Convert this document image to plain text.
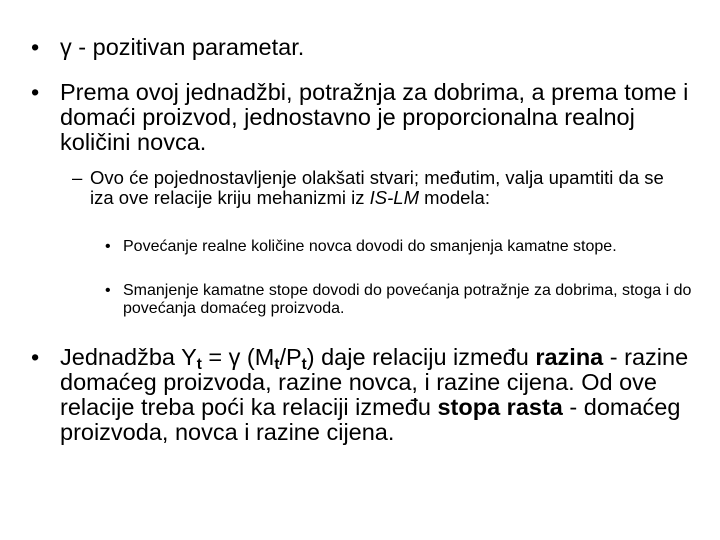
• γ - pozitivan parametar.
• Prema ovoj jednadžbi, potražnja za dobrima, a prema tome i domaći proizvod, jednostavno je proporcionalna realnoj količini novca.
– Ovo će pojednostavljenje olakšati stvari; međutim, valja upamtiti da se iza ove relacije kriju mehanizmi iz IS-LM modela:
• Povećanje realne količine novca dovodi do smanjenja kamatne stope.
• Smanjenje kamatne stope dovodi do povećanja potražnje za dobrima, stoga i do povećanja domaćeg proizvoda.
• Jednadžba $Y_t = \gamma$ $(M_t/P_t)$ daje relaciju između razina - razine domaćeg proizvoda, razine novca, i razine cijena. Od ove relacije treba poći ka relaciji između stopa rasta - domaćeg proizvoda, novca i razine cijena.
